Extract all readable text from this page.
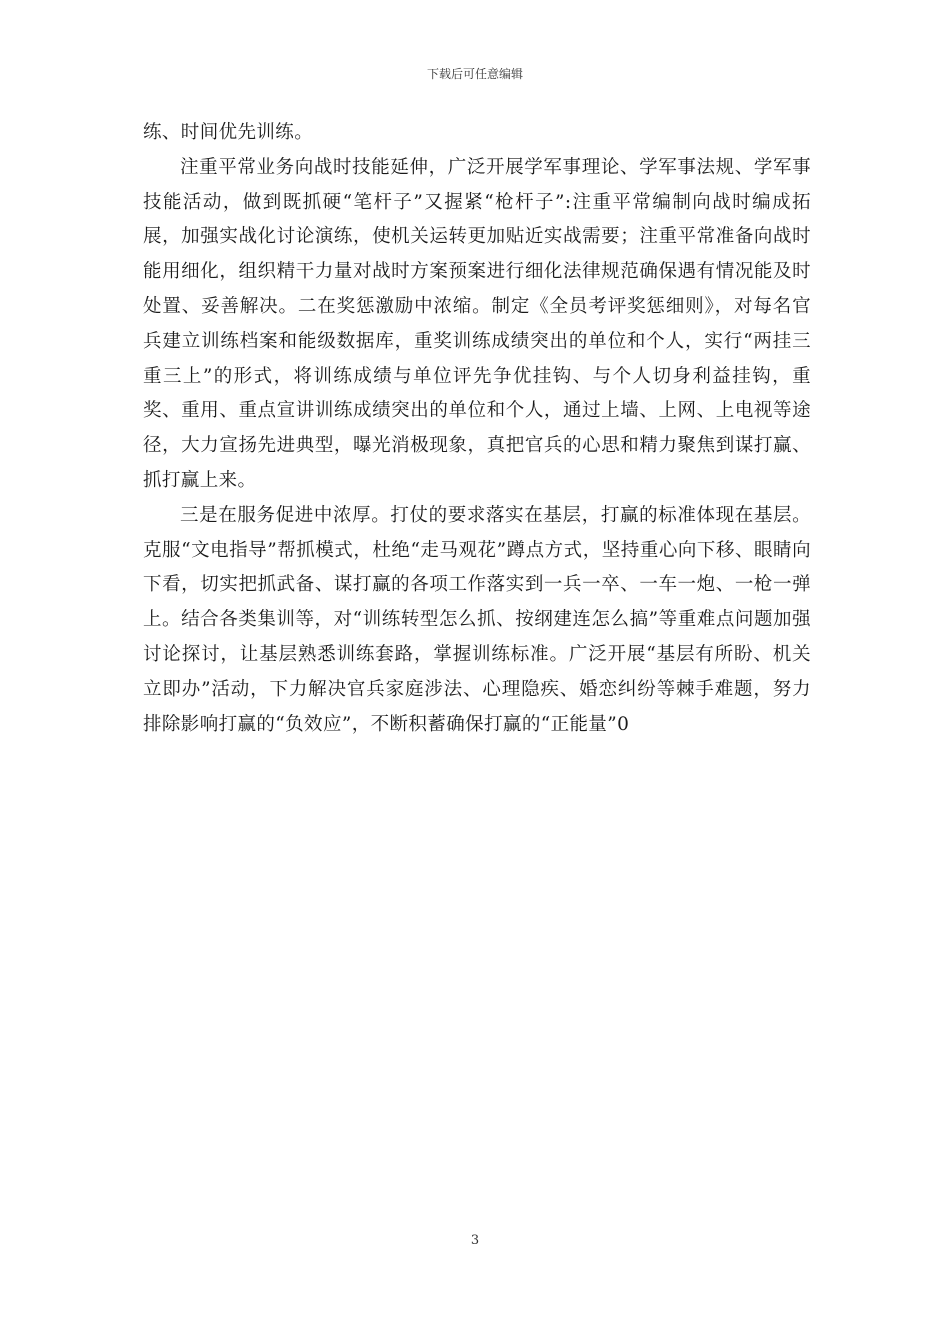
下载后可任意编辑

练、时间优先训练。

注重平常业务向战时技能延伸，广泛开展学军事理论、学军事法规、学军事技能活动，做到既抓硬“笔杆子”又握紧“枪杆子”:注重平常编制向战时编成拓展，加强实战化讨论演练，使机关运转更加贴近实战需要；注重平常准备向战时能用细化，组织精干力量对战时方案预案进行细化法律规范确保遇有情况能及时处置、妥善解决。二在奖惩激励中浓缩。制定《全员考评奖惩细则》，对每名官兵建立训练档案和能级数据库，重奖训练成绩突出的单位和个人，实行“两挂三重三上”的形式，将训练成绩与单位评先争优挂钩、与个人切身利益挂钩，重奖、重用、重点宣讲训练成绩突出的单位和个人，通过上墙、上网、上电视等途径，大力宣扬先进典型，曝光消极现象，真把官兵的心思和精力聚焦到谋打赢、抓打赢上来。

三是在服务促进中浓厚。打仗的要求落实在基层，打赢的标准体现在基层。克服“文电指导”帮抓模式，杜绝“走马观花”蹲点方式，坚持重心向下移、眼睛向下看，切实把抓武备、谋打赢的各项工作落实到一兵一卒、一车一炮、一枪一弹上。结合各类集训等，对“训练转型怎么抓、按纲建连怎么搞”等重难点问题加强讨论探讨，让基层熟悉训练套路，掌握训练标准。广泛开展“基层有所盼、机关立即办”活动，下力解决官兵家庭涉法、心理隐疾、婚恋纠纷等棘手难题，努力排除影响打赢的“负效应”，不断积蓄确保打赢的“正能量”0

3
